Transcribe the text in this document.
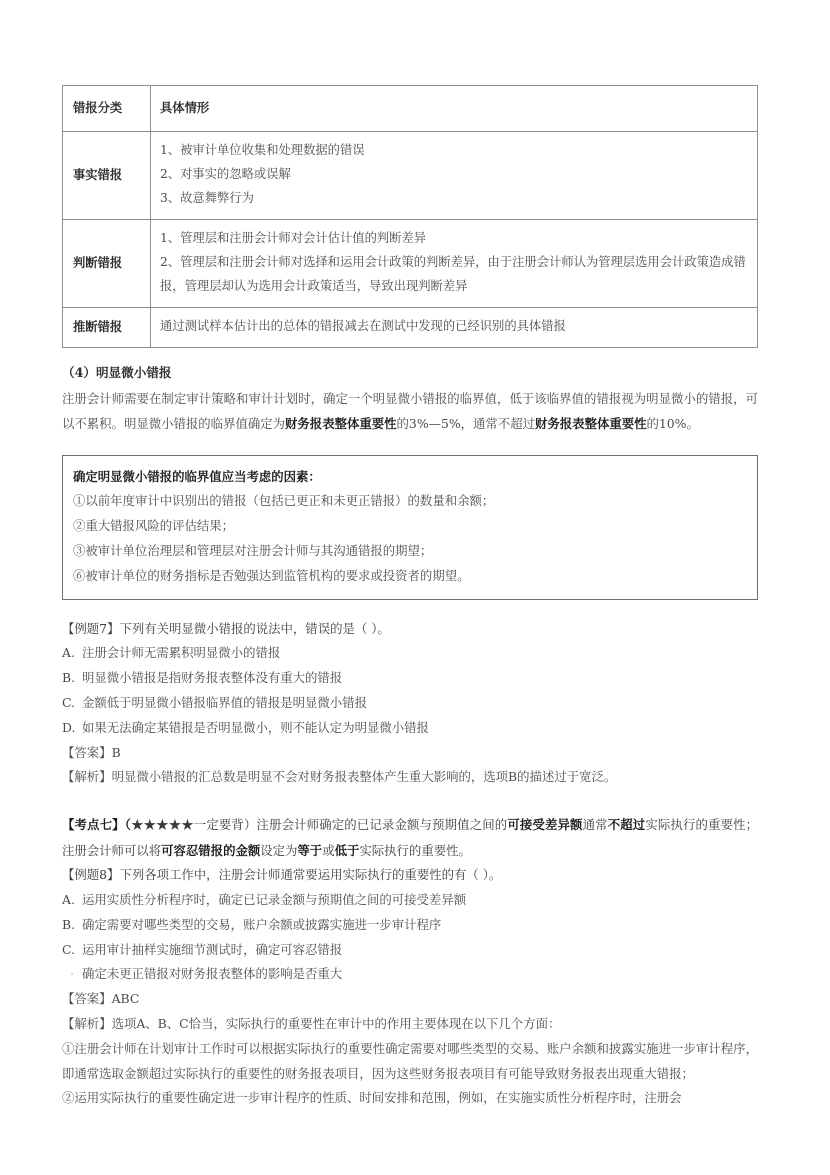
错报分类	具体情形
事实错报	1、被审计单位收集和处理数据的错误
2、对事实的忽略或误解
3、故意舞弊行为

判断错报	1、管理层和注册会计师对会计估计值的判断差异
2、管理层和注册会计师对选择和运用会计政策的判断差异，由于注册会计师认为管理层选用会计政策造成错报，管理层却认为选用会计政策适当，导致出现判断差异

推断错报	通过测试样本估计出的总体的错报减去在测试中发现的已经识别的具体错报
（4）明显微小错报

注册会计师需要在制定审计策略和审计计划时，确定一个明显微小错报的临界值，低于该临界值的错报视为明显微小的错报，可以不累积。明显微小错报的临界值确定为财务报表整体重要性的3%—5%，通常不超过财务报表整体重要性的10%。

确定明显微小错报的临界值应当考虑的因素：
①以前年度审计中识别出的错报（包括已更正和未更正错报）的数量和余额；
②重大错报风险的评估结果；
③被审计单位治理层和管理层对注册会计师与其沟通错报的期望；
⑥被审计单位的财务指标是否勉强达到监管机构的要求或投资者的期望。
【例题7】下列有关明显微小错报的说法中，错误的是（ ）。
A. 注册会计师无需累积明显微小的错报
B. 明显微小错报是指财务报表整体没有重大的错报
C. 金额低于明显微小错报临界值的错报是明显微小错报
D. 如果无法确定某错报是否明显微小，则不能认定为明显微小错报
【答案】B
【解析】明显微小错报的汇总数是明显不会对财务报表整体产生重大影响的，选项B的描述过于宽泛。

【考点七】（★★★★★一定要背）注册会计师确定的已记录金额与预期值之间的可接受差异额通常不超过实际执行的重要性；注册会计师可以将可容忍错报的金额设定为等于或低于实际执行的重要性。

【例题8】下列各项工作中，注册会计师通常要运用实际执行的重要性的有（ ）。
A. 运用实质性分析程序时，确定已记录金额与预期值之间的可接受差异额
B. 确定需要对哪些类型的交易，账户余额或披露实施进一步审计程序
C. 运用审计抽样实施细节测试时，确定可容忍错报
· 确定未更正错报对财务报表整体的影响是否重大
【答案】ABC

【解析】选项A、B、C恰当，实际执行的重要性在审计中的作用主要体现在以下几个方面：

①注册会计师在计划审计工作时可以根据实际执行的重要性确定需要对哪些类型的交易、账户余额和披露实施进一步审计程序，即通常选取金额超过实际执行的重要性的财务报表项目，因为这些财务报表项目有可能导致财务报表出现重大错报；

②运用实际执行的重要性确定进一步审计程序的性质、时间安排和范围，例如，在实施实质性分析程序时，注册会
